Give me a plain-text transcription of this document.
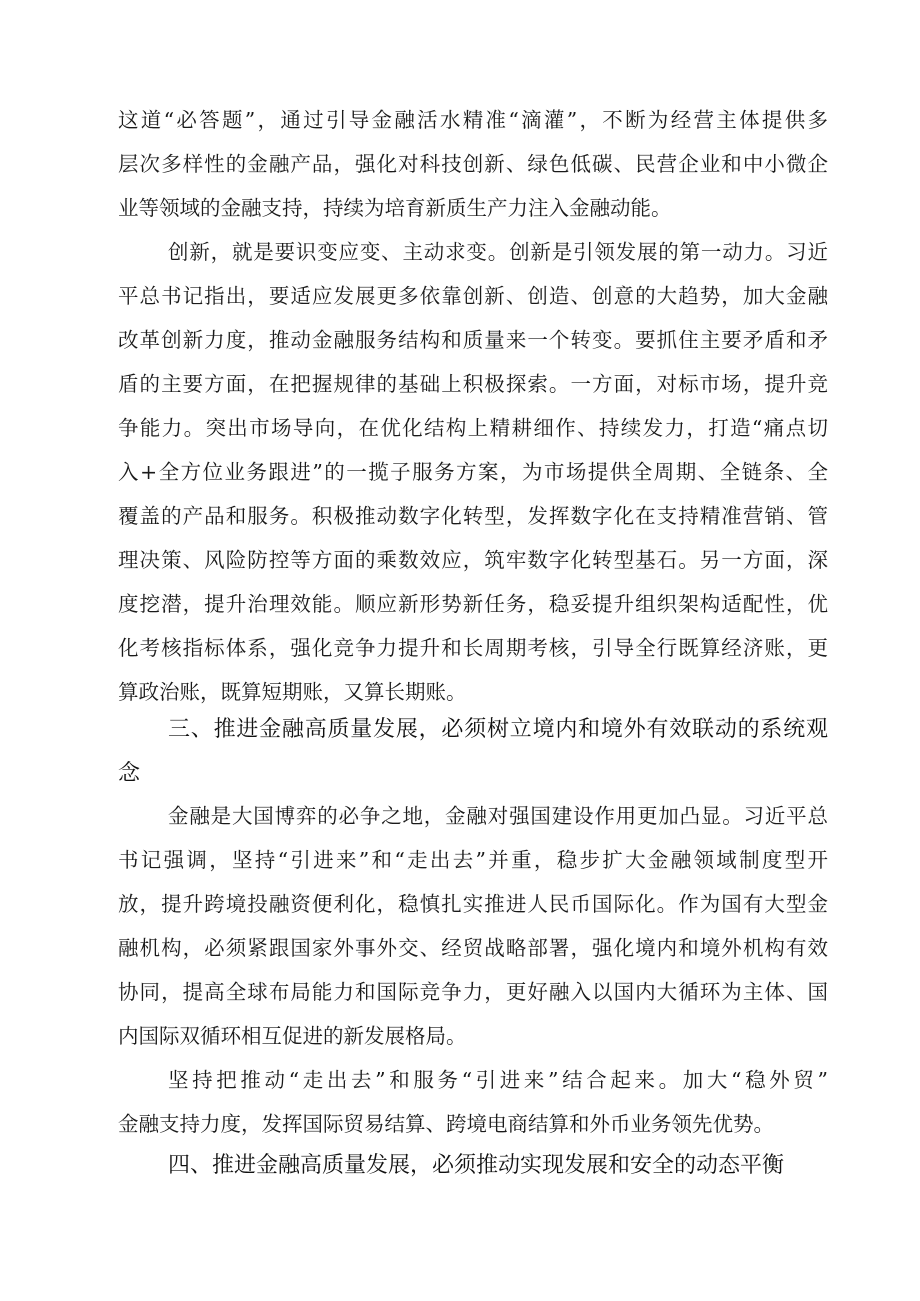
这道“必答题”，通过引导金融活水精准“滴灌”，不断为经营主体提供多
层次多样性的金融产品，强化对科技创新、绿色低碳、民营企业和中小微企
业等领域的金融支持，持续为培育新质生产力注入金融动能。
创新，就是要识变应变、主动求变。创新是引领发展的第一动力。习近
平总书记指出，要适应发展更多依靠创新、创造、创意的大趋势，加大金融
改革创新力度，推动金融服务结构和质量来一个转变。要抓住主要矛盾和矛
盾的主要方面，在把握规律的基础上积极探索。一方面，对标市场，提升竞
争能力。突出市场导向，在优化结构上精耕细作、持续发力，打造“痛点切
入+全方位业务跟进”的一揽子服务方案，为市场提供全周期、全链条、全
覆盖的产品和服务。积极推动数字化转型，发挥数字化在支持精准营销、管
理决策、风险防控等方面的乘数效应，筑牢数字化转型基石。另一方面，深
度挖潜，提升治理效能。顺应新形势新任务，稳妥提升组织架构适配性，优
化考核指标体系，强化竞争力提升和长周期考核，引导全行既算经济账，更
算政治账，既算短期账，又算长期账。
三、推进金融高质量发展，必须树立境内和境外有效联动的系统观
念
金融是大国博弈的必争之地，金融对强国建设作用更加凸显。习近平总
书记强调，坚持“引进来”和“走出去”并重，稳步扩大金融领域制度型开
放，提升跨境投融资便利化，稳慎扎实推进人民币国际化。作为国有大型金
融机构，必须紧跟国家外事外交、经贸战略部署，强化境内和境外机构有效
协同，提高全球布局能力和国际竞争力，更好融入以国内大循环为主体、国
内国际双循环相互促进的新发展格局。
坚持把推动“走出去”和服务“引进来”结合起来。加大“稳外贸”
金融支持力度，发挥国际贸易结算、跨境电商结算和外币业务领先优势。
四、推进金融高质量发展，必须推动实现发展和安全的动态平衡
